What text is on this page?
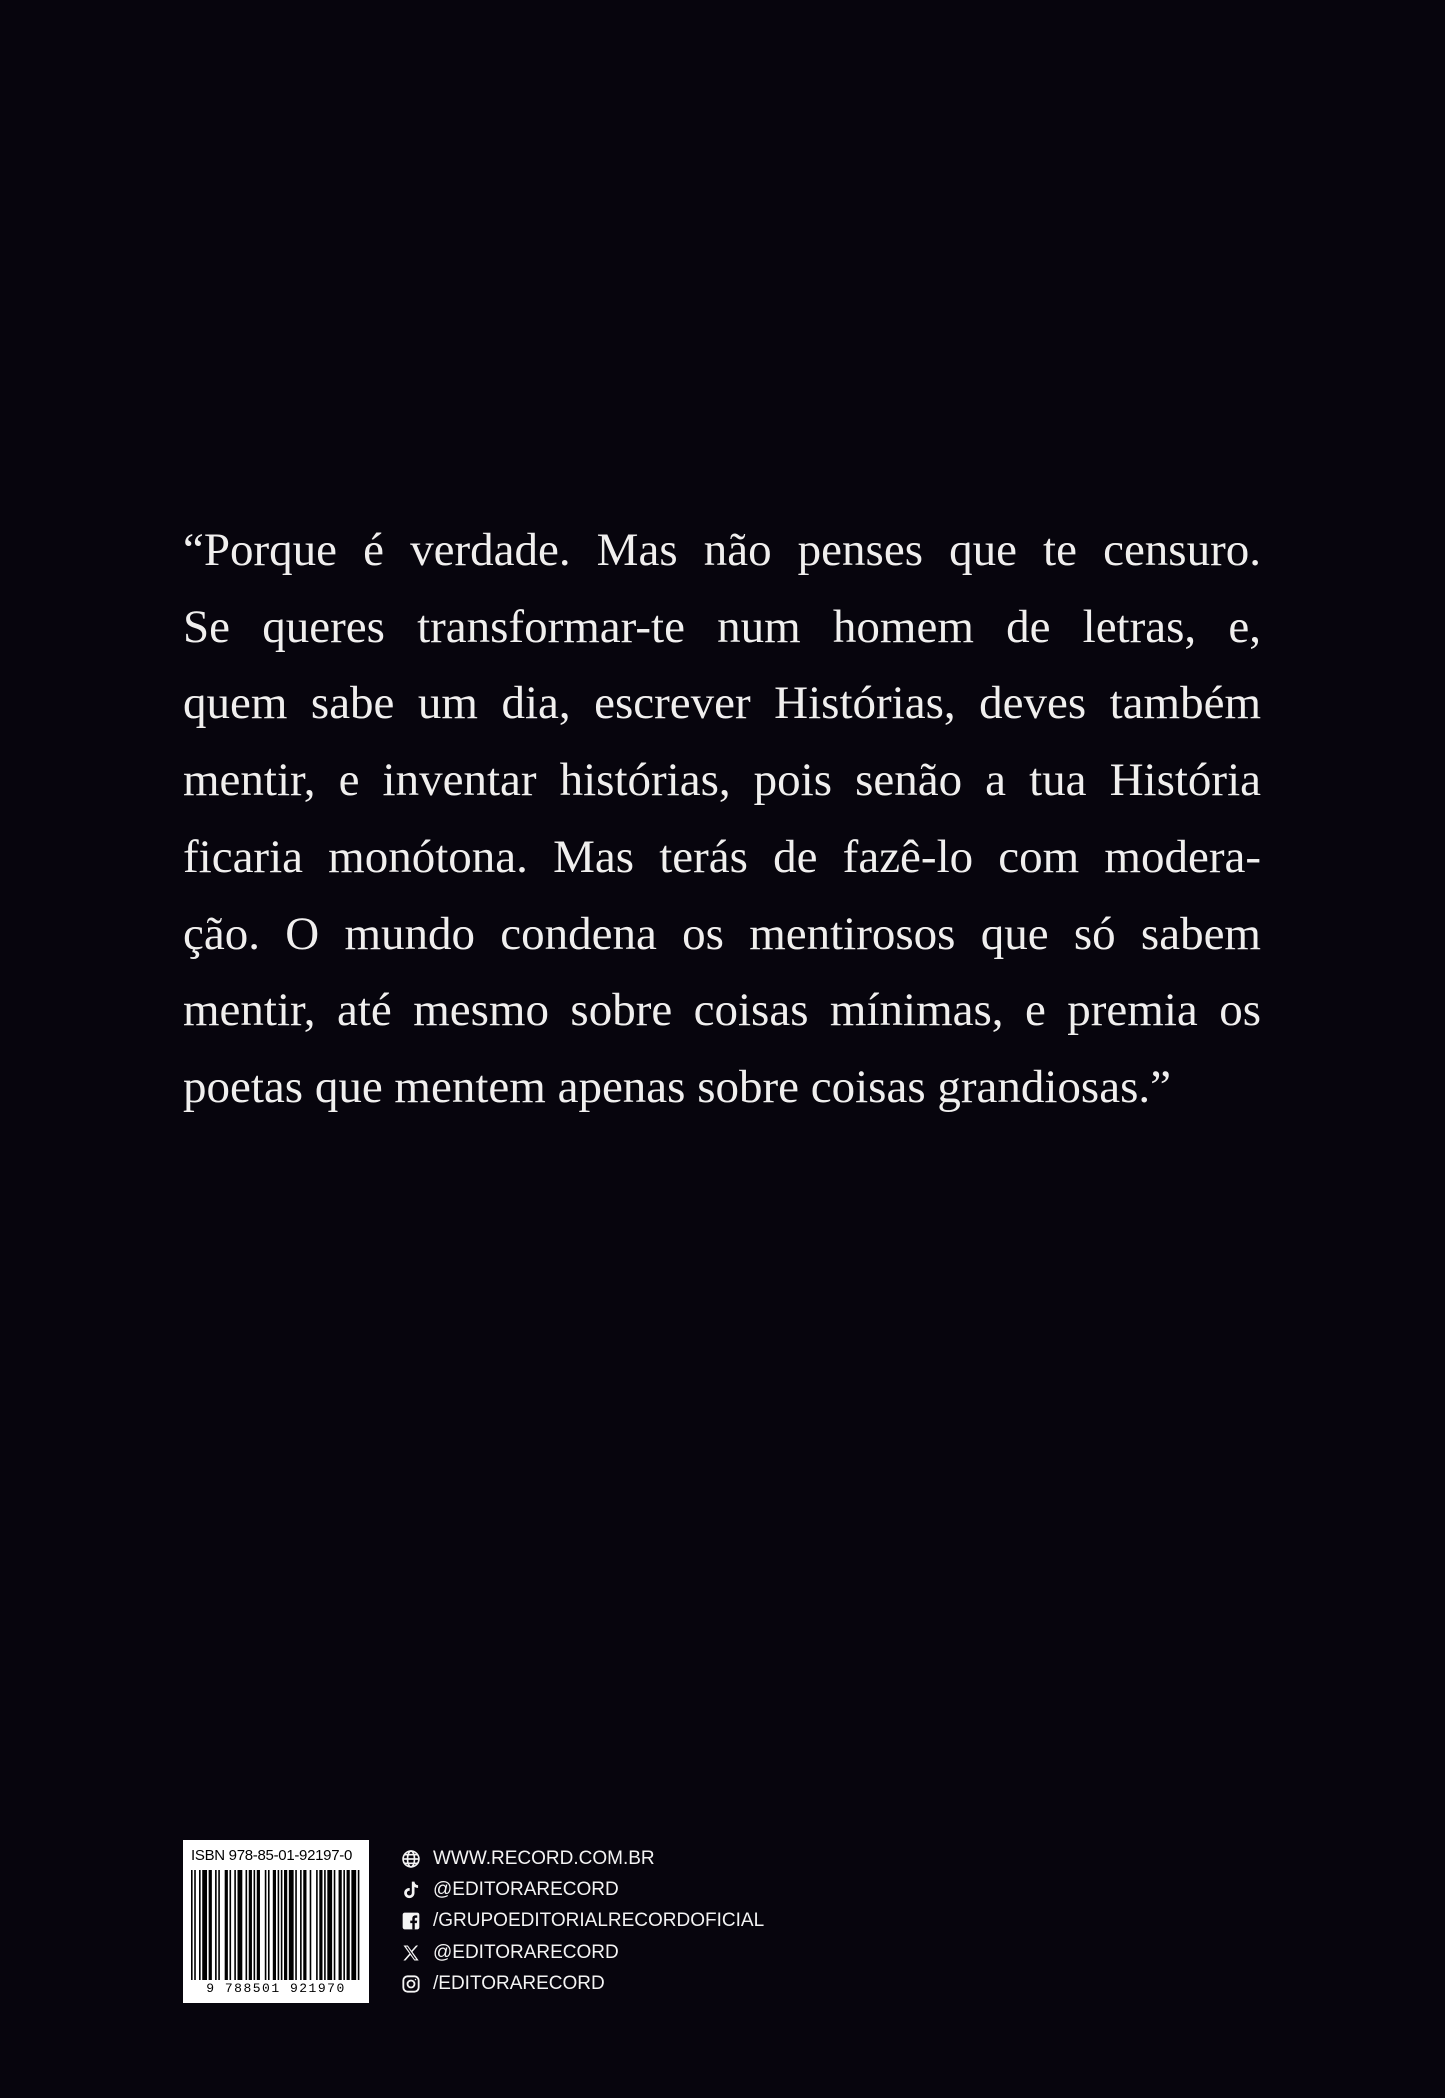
“Porque é verdade. Mas não penses que te censuro.
Se queres transformar-te num homem de letras, e,
quem sabe um dia, escrever Histórias, deves também
mentir, e inventar histórias, pois senão a tua História
ficaria monótona. Mas terás de fazê-lo com modera-
ção. O mundo condena os mentirosos que só sabem
mentir, até mesmo sobre coisas mínimas, e premia os
poetas que mentem apenas sobre coisas grandiosas.”

ISBN 978-85-01-92197-0
9 788501 921970
WWW.RECORD.COM.BR
@EDITORARECORD
/GRUPOEDITORIALRECORDOFICIAL
@EDITORARECORD
/EDITORARECORD
